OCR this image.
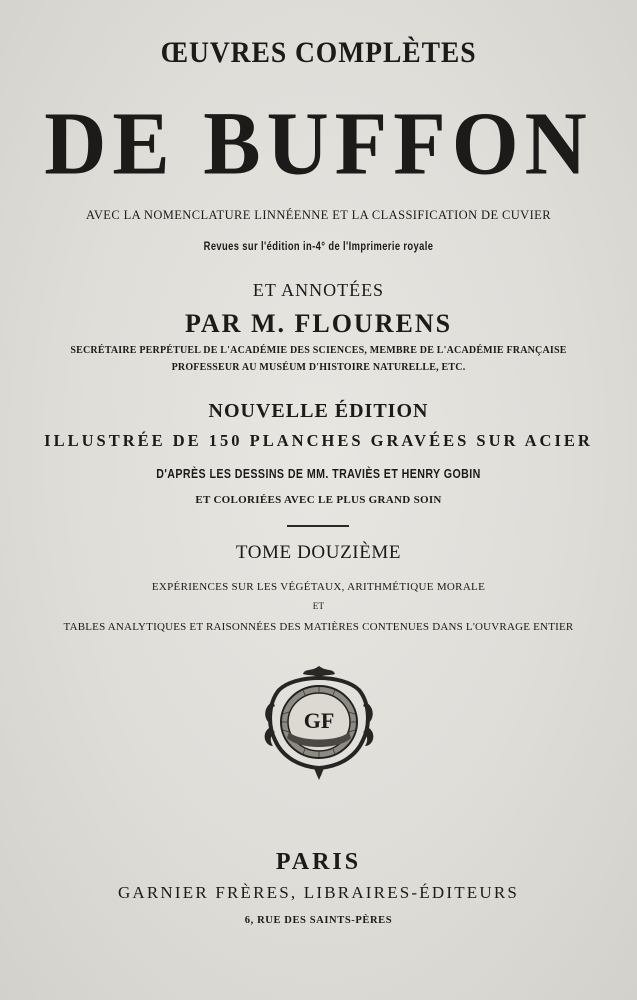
ŒUVRES COMPLÈTES
DE BUFFON
AVEC LA NOMENCLATURE LINNÉENNE ET LA CLASSIFICATION DE CUVIER
Revues sur l'édition in-4° de l'Imprimerie royale
ET ANNOTÉES
PAR M. FLOURENS
SECRÉTAIRE PERPÉTUEL DE L'ACADÉMIE DES SCIENCES, MEMBRE DE L'ACADÉMIE FRANÇAISE
PROFESSEUR AU MUSÉUM D'HISTOIRE NATURELLE, ETC.
NOUVELLE ÉDITION
ILLUSTRÉE DE 150 PLANCHES GRAVÉES SUR ACIER
D'APRÈS LES DESSINS DE MM. TRAVIÈS ET HENRY GOBIN
ET COLORIÉES AVEC LE PLUS GRAND SOIN
TOME DOUZIÈME
EXPÉRIENCES SUR LES VÉGÉTAUX, ARITHMÉTIQUE MORALE
ET
TABLES ANALYTIQUES ET RAISONNÉES DES MATIÈRES CONTENUES DANS L'OUVRAGE ENTIER
GF
PARIS
GARNIER FRÈRES, LIBRAIRES-ÉDITEURS
6, RUE DES SAINTS-PÈRES
